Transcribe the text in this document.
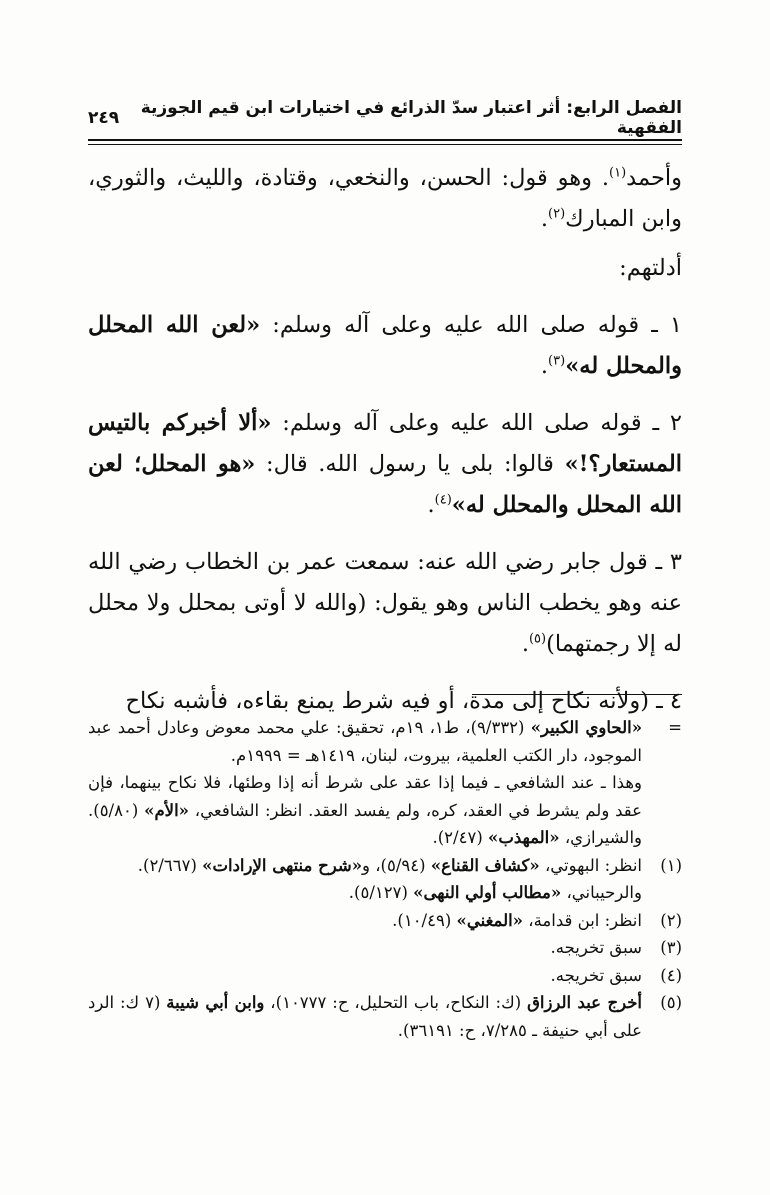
الفصل الرابع: أثر اعتبار سدّ الذرائع في اختيارات ابن قيم الجوزية الفقهية
٢٤٩

وأحمد$^{(١)}$. وهو قول: الحسن، والنخعي، وقتادة، والليث، والثوري، وابن المبارك$^{(٢)}$.

أدلتهم:

١ ـ قوله صلى الله عليه وعلى آله وسلم: «لعن الله المحلل والمحلل له»$^{(٣)}$.

٢ ـ قوله صلى الله عليه وعلى آله وسلم: «ألا أخبركم بالتيس المستعار؟!» قالوا: بلى يا رسول الله. قال: «هو المحلل؛ لعن الله المحلل والمحلل له»$^{(٤)}$.

٣ ـ قول جابر رضي الله عنه: سمعت عمر بن الخطاب رضي الله عنه وهو يخطب الناس وهو يقول: (والله لا أوتى بمحلل ولا محلل له إلا رجمتهما)$^{(٥)}$.

٤ ـ (ولأنه نكاح إلى مدة، أو فيه شرط يمنع بقاءه، فأشبه نكاح

=
«الحاوي الكبير» (٩/٣٣٢)، ط١، ١٩م، تحقيق: علي محمد معوض وعادل أحمد عبد الموجود، دار الكتب العلمية، بيروت، لبنان، ١٤١٩هـ = ١٩٩٩م.
وهذا ـ عند الشافعي ـ فيما إذا عقد على شرط أنه إذا وطئها، فلا نكاح بينهما، فإن عقد ولم يشرط في العقد، كره، ولم يفسد العقد. انظر: الشافعي، «الأم» (٥/٨٠). والشيرازي، «المهذب» (٢/٤٧).
(١)
انظر: البهوتي، «كشاف القناع» (٥/٩٤)، و«شرح منتهى الإرادات» (٢/٦٦٧).
والرحيباني، «مطالب أولي النهى» (٥/١٢٧).
(٢)
انظر: ابن قدامة، «المغني» (١٠/٤٩).
(٣)
سبق تخريجه.
(٤)
سبق تخريجه.
(٥)
أخرج عبد الرزاق (ك: النكاح، باب التحليل، ح: ١٠٧٧٧)، وابن أبي شيبة (٧ ك: الرد على أبي حنيفة ـ ٧/٢٨٥، ح: ٣٦١٩١).
